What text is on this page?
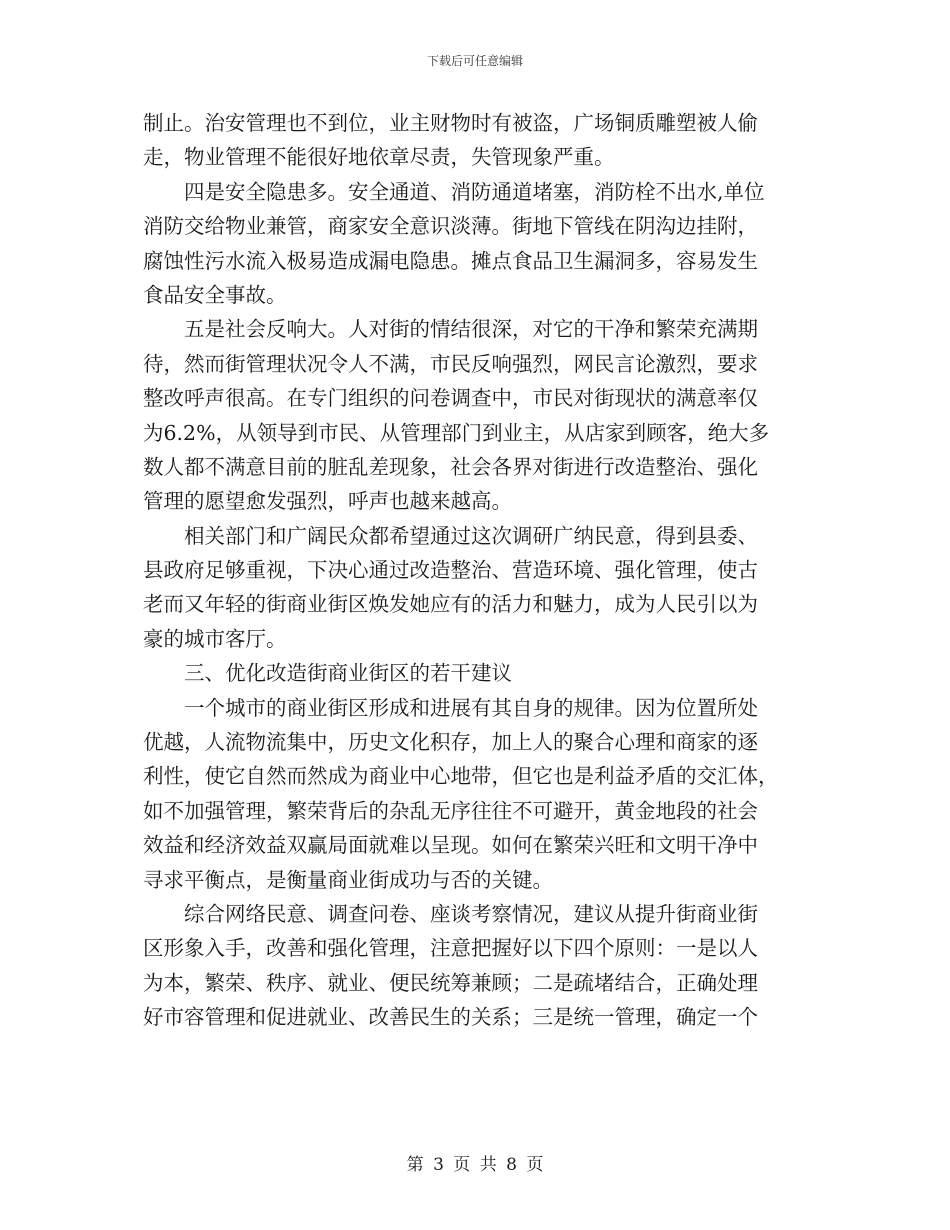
下载后可任意编辑
制止。治安管理也不到位，业主财物时有被盗，广场铜质雕塑被人偷
走，物业管理不能很好地依章尽责，失管现象严重。
　　四是安全隐患多。安全通道、消防通道堵塞，消防栓不出水,单位
消防交给物业兼管，商家安全意识淡薄。街地下管线在阴沟边挂附，
腐蚀性污水流入极易造成漏电隐患。摊点食品卫生漏洞多，容易发生
食品安全事故。
　　五是社会反响大。人对街的情结很深，对它的干净和繁荣充满期
待，然而街管理状况令人不满，市民反响强烈，网民言论激烈，要求
整改呼声很高。在专门组织的问卷调查中，市民对街现状的满意率仅
为6.2%，从领导到市民、从管理部门到业主，从店家到顾客，绝大多
数人都不满意目前的脏乱差现象，社会各界对街进行改造整治、强化
管理的愿望愈发强烈，呼声也越来越高。
　　相关部门和广阔民众都希望通过这次调研广纳民意，得到县委、
县政府足够重视，下决心通过改造整治、营造环境、强化管理，使古
老而又年轻的街商业街区焕发她应有的活力和魅力，成为人民引以为
豪的城市客厅。
　　三、优化改造街商业街区的若干建议
　　一个城市的商业街区形成和进展有其自身的规律。因为位置所处
优越，人流物流集中，历史文化积存，加上人的聚合心理和商家的逐
利性，使它自然而然成为商业中心地带，但它也是利益矛盾的交汇体，
如不加强管理，繁荣背后的杂乱无序往往不可避开，黄金地段的社会
效益和经济效益双赢局面就难以呈现。如何在繁荣兴旺和文明干净中
寻求平衡点，是衡量商业街成功与否的关键。
　　综合网络民意、调查问卷、座谈考察情况，建议从提升街商业街
区形象入手，改善和强化管理，注意把握好以下四个原则：一是以人
为本，繁荣、秩序、就业、便民统筹兼顾；二是疏堵结合，正确处理
好市容管理和促进就业、改善民生的关系；三是统一管理，确定一个
第 3 页 共 8 页
